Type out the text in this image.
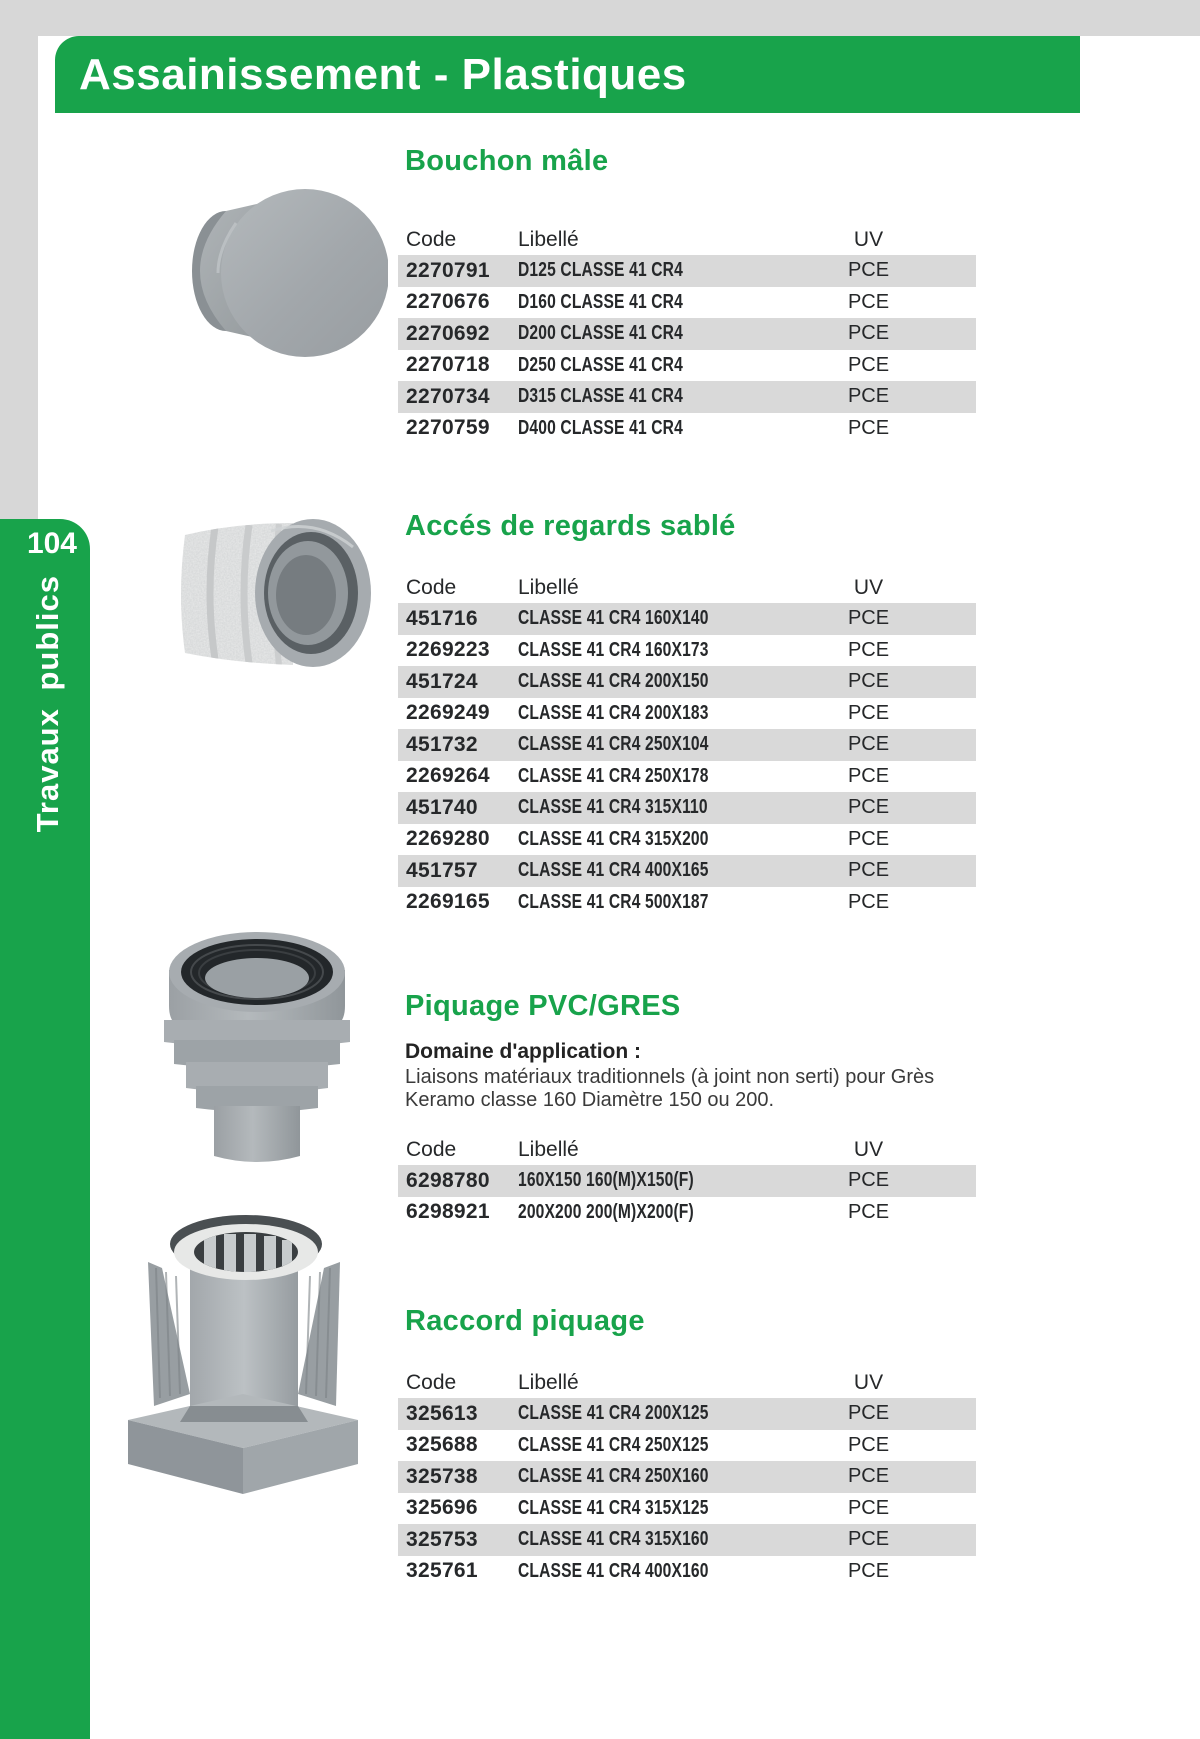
Assainissement - Plastiques
104
Travaux publics
Bouchon mâle
Code	Libellé	UV
2270791	D125 CLASSE 41 CR4	PCE
2270676	D160 CLASSE 41 CR4	PCE
2270692	D200 CLASSE 41 CR4	PCE
2270718	D250 CLASSE 41 CR4	PCE
2270734	D315 CLASSE 41 CR4	PCE
2270759	D400 CLASSE 41 CR4	PCE
Accés de regards sablé
Code	Libellé	UV
451716	CLASSE 41 CR4 160X140	PCE
2269223	CLASSE 41 CR4 160X173	PCE
451724	CLASSE 41 CR4 200X150	PCE
2269249	CLASSE 41 CR4 200X183	PCE
451732	CLASSE 41 CR4 250X104	PCE
2269264	CLASSE 41 CR4 250X178	PCE
451740	CLASSE 41 CR4 315X110	PCE
2269280	CLASSE 41 CR4 315X200	PCE
451757	CLASSE 41 CR4 400X165	PCE
2269165	CLASSE 41 CR4 500X187	PCE
Piquage PVC/GRES
Domaine d'application :
Liaisons matériaux traditionnels (à joint non serti) pour Grès Keramo classe 160 Diamètre 150 ou 200.
Code	Libellé	UV
6298780	160X150 160(M)X150(F)	PCE
6298921	200X200 200(M)X200(F)	PCE
Raccord piquage
Code	Libellé	UV
325613	CLASSE 41 CR4 200X125	PCE
325688	CLASSE 41 CR4 250X125	PCE
325738	CLASSE 41 CR4 250X160	PCE
325696	CLASSE 41 CR4 315X125	PCE
325753	CLASSE 41 CR4 315X160	PCE
325761	CLASSE 41 CR4 400X160	PCE
